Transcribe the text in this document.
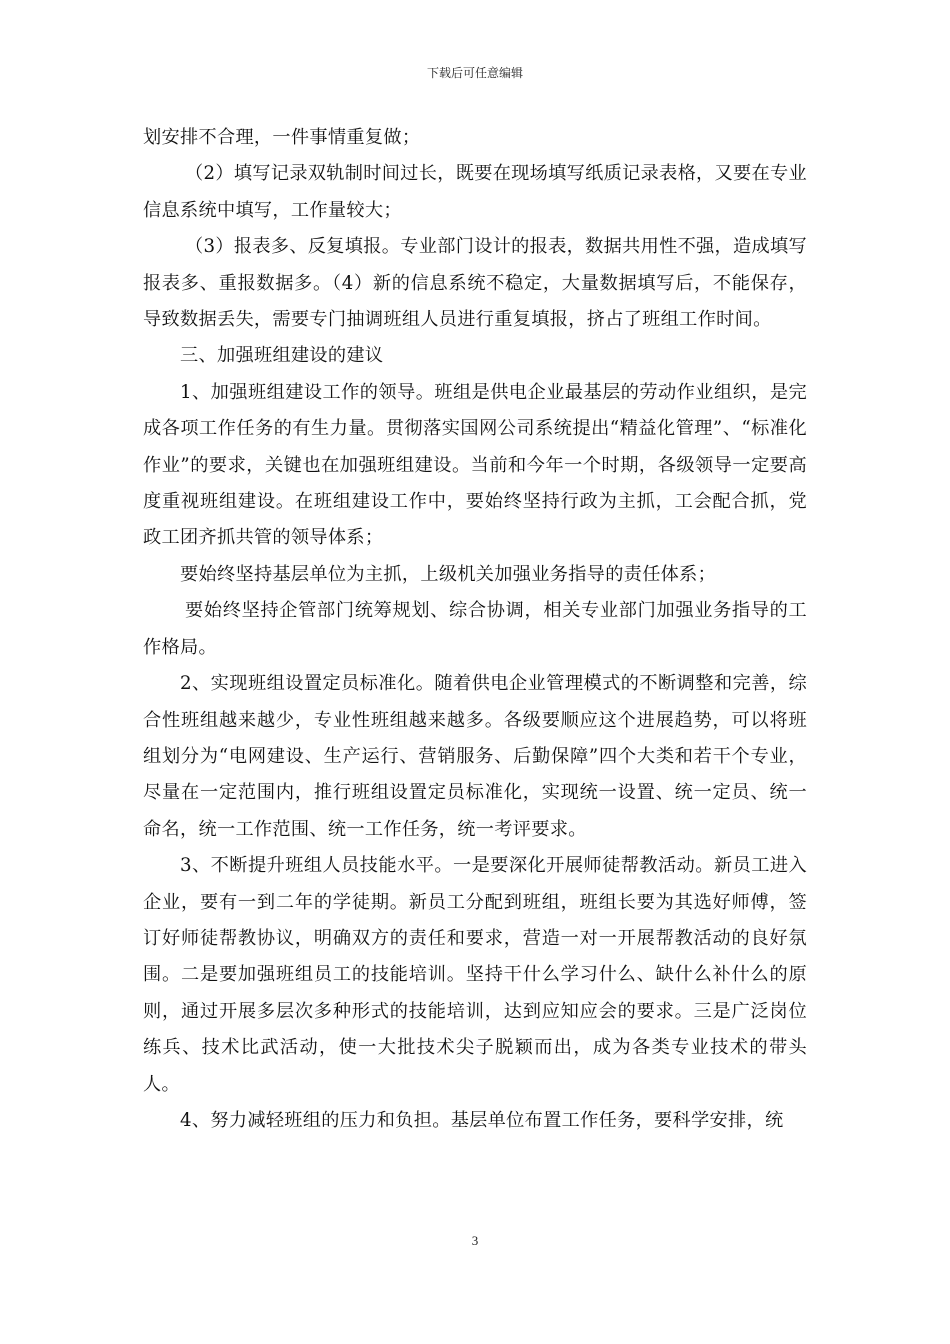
下载后可任意编辑

划安排不合理，一件事情重复做；

（2）填写记录双轨制时间过长，既要在现场填写纸质记录表格，又要在专业信息系统中填写，工作量较大；

（3）报表多、反复填报。专业部门设计的报表，数据共用性不强，造成填写报表多、重报数据多。（4）新的信息系统不稳定，大量数据填写后，不能保存，导致数据丢失，需要专门抽调班组人员进行重复填报，挤占了班组工作时间。

三、加强班组建设的建议

1、加强班组建设工作的领导。班组是供电企业最基层的劳动作业组织，是完成各项工作任务的有生力量。贯彻落实国网公司系统提出“精益化管理”、“标准化作业”的要求，关键也在加强班组建设。当前和今年一个时期，各级领导一定要高度重视班组建设。在班组建设工作中，要始终坚持行政为主抓，工会配合抓，党政工团齐抓共管的领导体系；

要始终坚持基层单位为主抓，上级机关加强业务指导的责任体系；

要始终坚持企管部门统筹规划、综合协调，相关专业部门加强业务指导的工作格局。

2、实现班组设置定员标准化。随着供电企业管理模式的不断调整和完善，综合性班组越来越少，专业性班组越来越多。各级要顺应这个进展趋势，可以将班组划分为“电网建设、生产运行、营销服务、后勤保障”四个大类和若干个专业，尽量在一定范围内，推行班组设置定员标准化，实现统一设置、统一定员、统一命名，统一工作范围、统一工作任务，统一考评要求。

3、不断提升班组人员技能水平。一是要深化开展师徒帮教活动。新员工进入企业，要有一到二年的学徒期。新员工分配到班组，班组长要为其选好师傅，签订好师徒帮教协议，明确双方的责任和要求，营造一对一开展帮教活动的良好氛围。二是要加强班组员工的技能培训。坚持干什么学习什么、缺什么补什么的原则，通过开展多层次多种形式的技能培训，达到应知应会的要求。三是广泛岗位练兵、技术比武活动，使一大批技术尖子脱颖而出，成为各类专业技术的带头人。

4、努力减轻班组的压力和负担。基层单位布置工作任务，要科学安排，统

3
